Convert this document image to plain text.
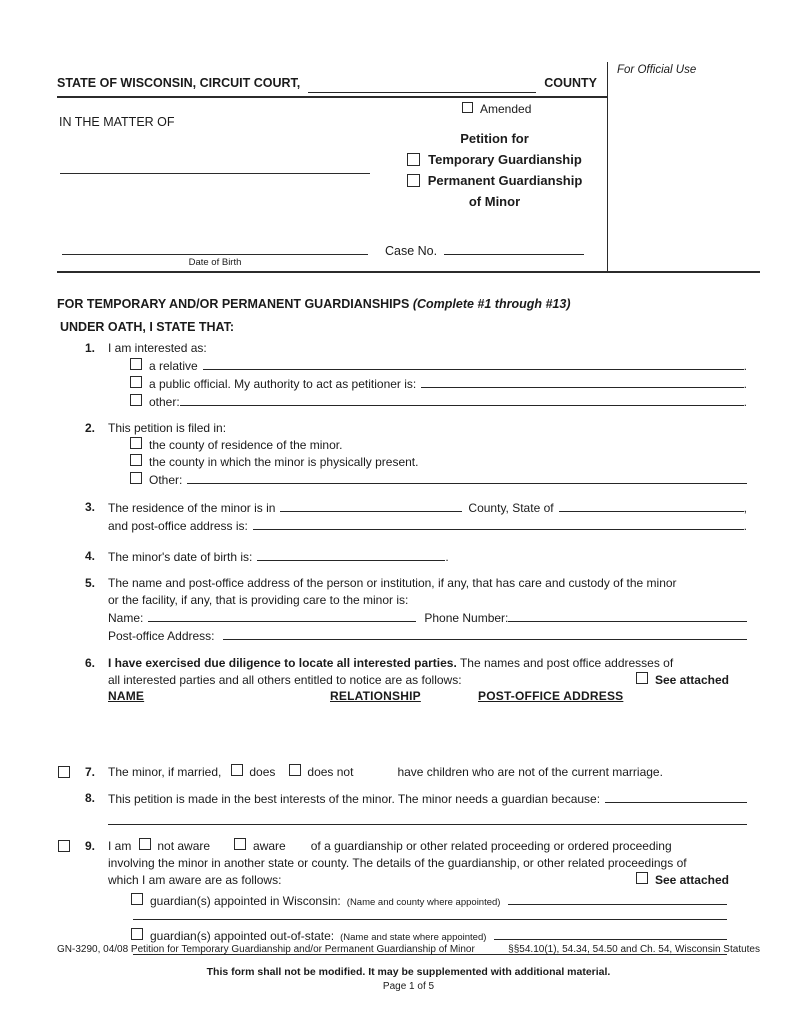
STATE OF WISCONSIN, CIRCUIT COURT,	COUNTY
For Official Use
IN THE MATTER OF
Amended
Petition for
Temporary Guardianship
Permanent Guardianship
of Minor
Date of Birth
Case No.
FOR TEMPORARY AND/OR PERMANENT GUARDIANSHIPS (Complete #1 through #13)
UNDER OATH, I STATE THAT:
1.	I am interested as:
a relative	.
a public official. My authority to act as petitioner is:	.
other:	.
2.	This petition is filed in:
the county of residence of the minor.
the county in which the minor is physically present.
Other:
3.	The residence of the minor is in	County, State of	,
and post-office address is:	.
4.	The minor's date of birth is:	.
5.	The name and post-office address of the person or institution, if any, that has care and custody of the minor
or the facility, if any, that is providing care to the minor is:
Name:	Phone Number:
Post-office Address:
6.	I have exercised due diligence to locate all interested parties. The names and post office addresses of
all interested parties and all others entitled to notice are as follows:	See attached
NAME	RELATIONSHIP	POST-OFFICE ADDRESS
7.	The minor, if married, does	does not	have children who are not of the current marriage.
8.	This petition is made in the best interests of the minor. The minor needs a guardian because:
9.	I am not aware	aware of a guardianship or other related proceeding or ordered proceeding
involving the minor in another state or county. The details of the guardianship, or other related proceedings of
which I am aware are as follows:	See attached
guardian(s) appointed in Wisconsin: (Name and county where appointed)
guardian(s) appointed out-of-state: (Name and state where appointed)
GN-3290, 04/08 Petition for Temporary Guardianship and/or Permanent Guardianship of Minor	§§54.10(1), 54.34, 54.50 and Ch. 54, Wisconsin Statutes
This form shall not be modified. It may be supplemented with additional material.
Page 1 of 5
